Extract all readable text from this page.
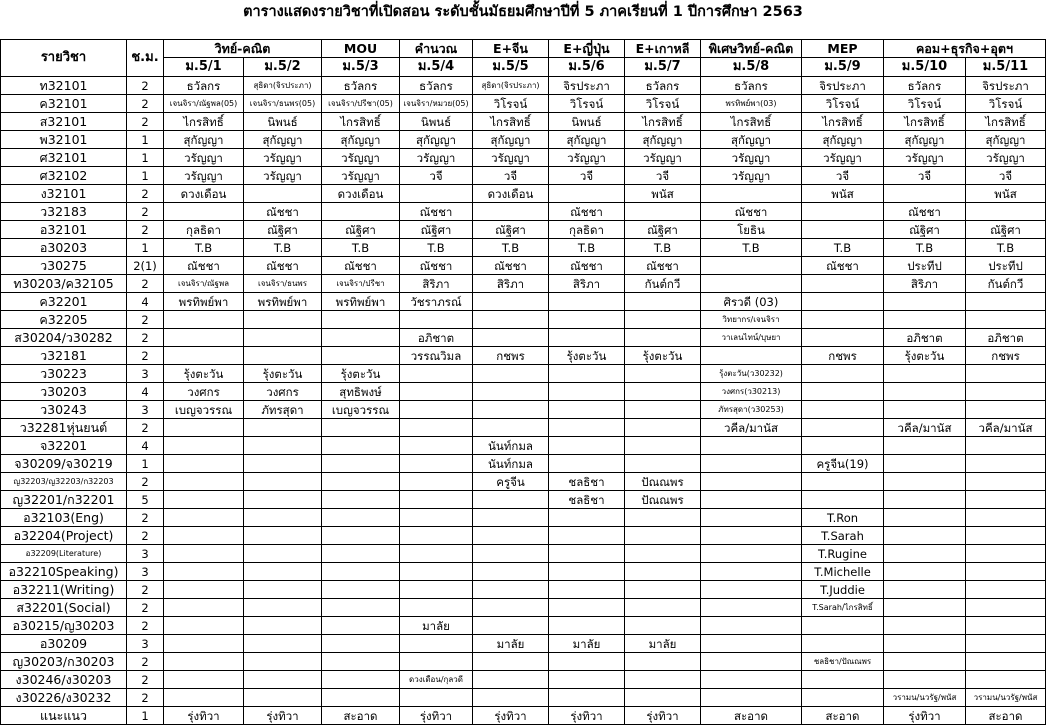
ตารางแสดงรายวิชาที่เปิดสอน ระดับชั้นมัธยมศึกษาปีที่ 5 ภาคเรียนที่ 1 ปีการศึกษา 2563
รายวิชา	ช.ม.	วิทย์-คณิต		MOU	คำนวณ	E+จีน	E+ญี่ปุ่น	E+เกาหลี	พิเศษวิทย์-คณิต	MEP	คอม+ธุรกิจ+อุตฯ	
		ม.5/1	ม.5/2	ม.5/3	ม.5/4	ม.5/5	ม.5/6	ม.5/7	ม.5/8	ม.5/9	ม.5/10	ม.5/11
ท32101	2	ธวัลกร	สุธิดา(จิรประภา)	ธวัลกร	ธวัลกร	สุธิดา(จิรประภา)	จิรประภา	ธวัลกร	ธวัลกร	จิรประภา	ธวัลกร	จิรประภา
ค32101	2	เจนจิรา/ณัฐพล(05)	เจนจิรา/ธนพร(05)	เจนจิรา/ปรีชา(05)	เจนจิรา/หมวย(05)	วิโรจน์	วิโรจน์	วิโรจน์	พรทิพย์พา(03)	วิโรจน์	วิโรจน์	วิโรจน์
ส32101	2	ไกรสิทธิ์	นิพนธ์	ไกรสิทธิ์	นิพนธ์	ไกรสิทธิ์	นิพนธ์	ไกรสิทธิ์	ไกรสิทธิ์	ไกรสิทธิ์	ไกรสิทธิ์	ไกรสิทธิ์
พ32101	1	สุกัญญา	สุกัญญา	สุกัญญา	สุกัญญา	สุกัญญา	สุกัญญา	สุกัญญา	สุกัญญา	สุกัญญา	สุกัญญา	สุกัญญา
ศ32101	1	วรัญญา	วรัญญา	วรัญญา	วรัญญา	วรัญญา	วรัญญา	วรัญญา	วรัญญา	วรัญญา	วรัญญา	วรัญญา
ศ32102	1	วรัญญา	วรัญญา	วรัญญา	วจี	วจี	วจี	วจี	วรัญญา	วจี	วจี	วจี
ง32101	2	ดวงเดือน		ดวงเดือน		ดวงเดือน		พนัส		พนัส		พนัส
ว32183	2		ณัชชา		ณัชชา		ณัชชา		ณัชชา		ณัชชา	
อ32101	2	กุลธิดา	ณัฐิศา	ณัฐิศา	ณัฐิศา	ณัฐิศา	กุลธิดา	ณัฐิศา	โยธิน		ณัฐิศา	ณัฐิศา
อ30203	1	T.B	T.B	T.B	T.B	T.B	T.B	T.B	T.B	T.B	T.B	T.B
ว30275	2(1)	ณัชชา	ณัชชา	ณัชชา	ณัชชา	ณัชชา	ณัชชา	ณัชชา		ณัชชา	ประทีป	ประทีป
ท30203/ค32105	2	เจนจิรา/ณัฐพล	เจนจิรา/ธนพร	เจนจิรา/ปรีชา	สิริภา	สิริภา	สิริภา	กันต์กวี			สิริภา	กันต์กวี
ค32201	4	พรทิพย์พา	พรทิพย์พา	พรทิพย์พา	วัชราภรณ์				ศิรวดี (03)			
ค32205	2								วิทยากร/เจนจิรา			
ส30204/ว30282	2				อภิชาต				วาเลนไทน์/บุษยา		อภิชาต	อภิชาต
ว32181	2				วรรณวิมล	กชพร	รุ้งตะวัน	รุ้งตะวัน		กชพร	รุ้งตะวัน	กชพร
ว30223	3	รุ้งตะวัน	รุ้งตะวัน	รุ้งตะวัน					รุ้งตะวัน(ว30232)			
ว30203	4	วงศกร	วงศกร	สุทธิพงษ์					วงศกร(ว30213)			
ว30243	3	เบญจวรรณ	ภัทรสุดา	เบญจวรรณ					ภัทรสุดา(ว30253)			
ว32281หุ่นยนต์	2								วคีล/มานัส		วคีล/มานัส	วคีล/มานัส
จ32201	4					นันท์กมล						
จ30209/จ30219	1					นันท์กมล				ครูจีน(19)		
ญ32203/ญ32203/ก32203	2					ครูจีน	ชลธิชา	ปัณณพร				
ญ32201/ก32201	5						ชลธิชา	ปัณณพร				
อ32103(Eng)	2									T.Ron		
อ32204(Project)	2									T.Sarah		
อ32209(Literature)	3									T.Rugine		
อ32210Speaking)	3									T.Michelle		
อ32211(Writing)	2									T.Juddie		
ส32201(Social)	2									T.Sarah/ไกรสิทธิ์		
อ30215/ญ30203	2				มาลัย							
อ30209	3					มาลัย	มาลัย	มาลัย				
ญ30203/ก30203	2									ชลธิชา/ปัณณพร		
ง30246/ง30203	2				ดวงเดือน/กุลวดี							
ง30226/ง30232	2										วรามน/นวรัฐ/พนัส	วรามน/นวรัฐ/พนัส
แนะแนว	1	รุ่งทิวา	รุ่งทิวา	สะอาด	รุ่งทิวา	รุ่งทิวา	รุ่งทิวา	รุ่งทิวา	สะอาด	สะอาด	รุ่งทิวา	สะอาด
